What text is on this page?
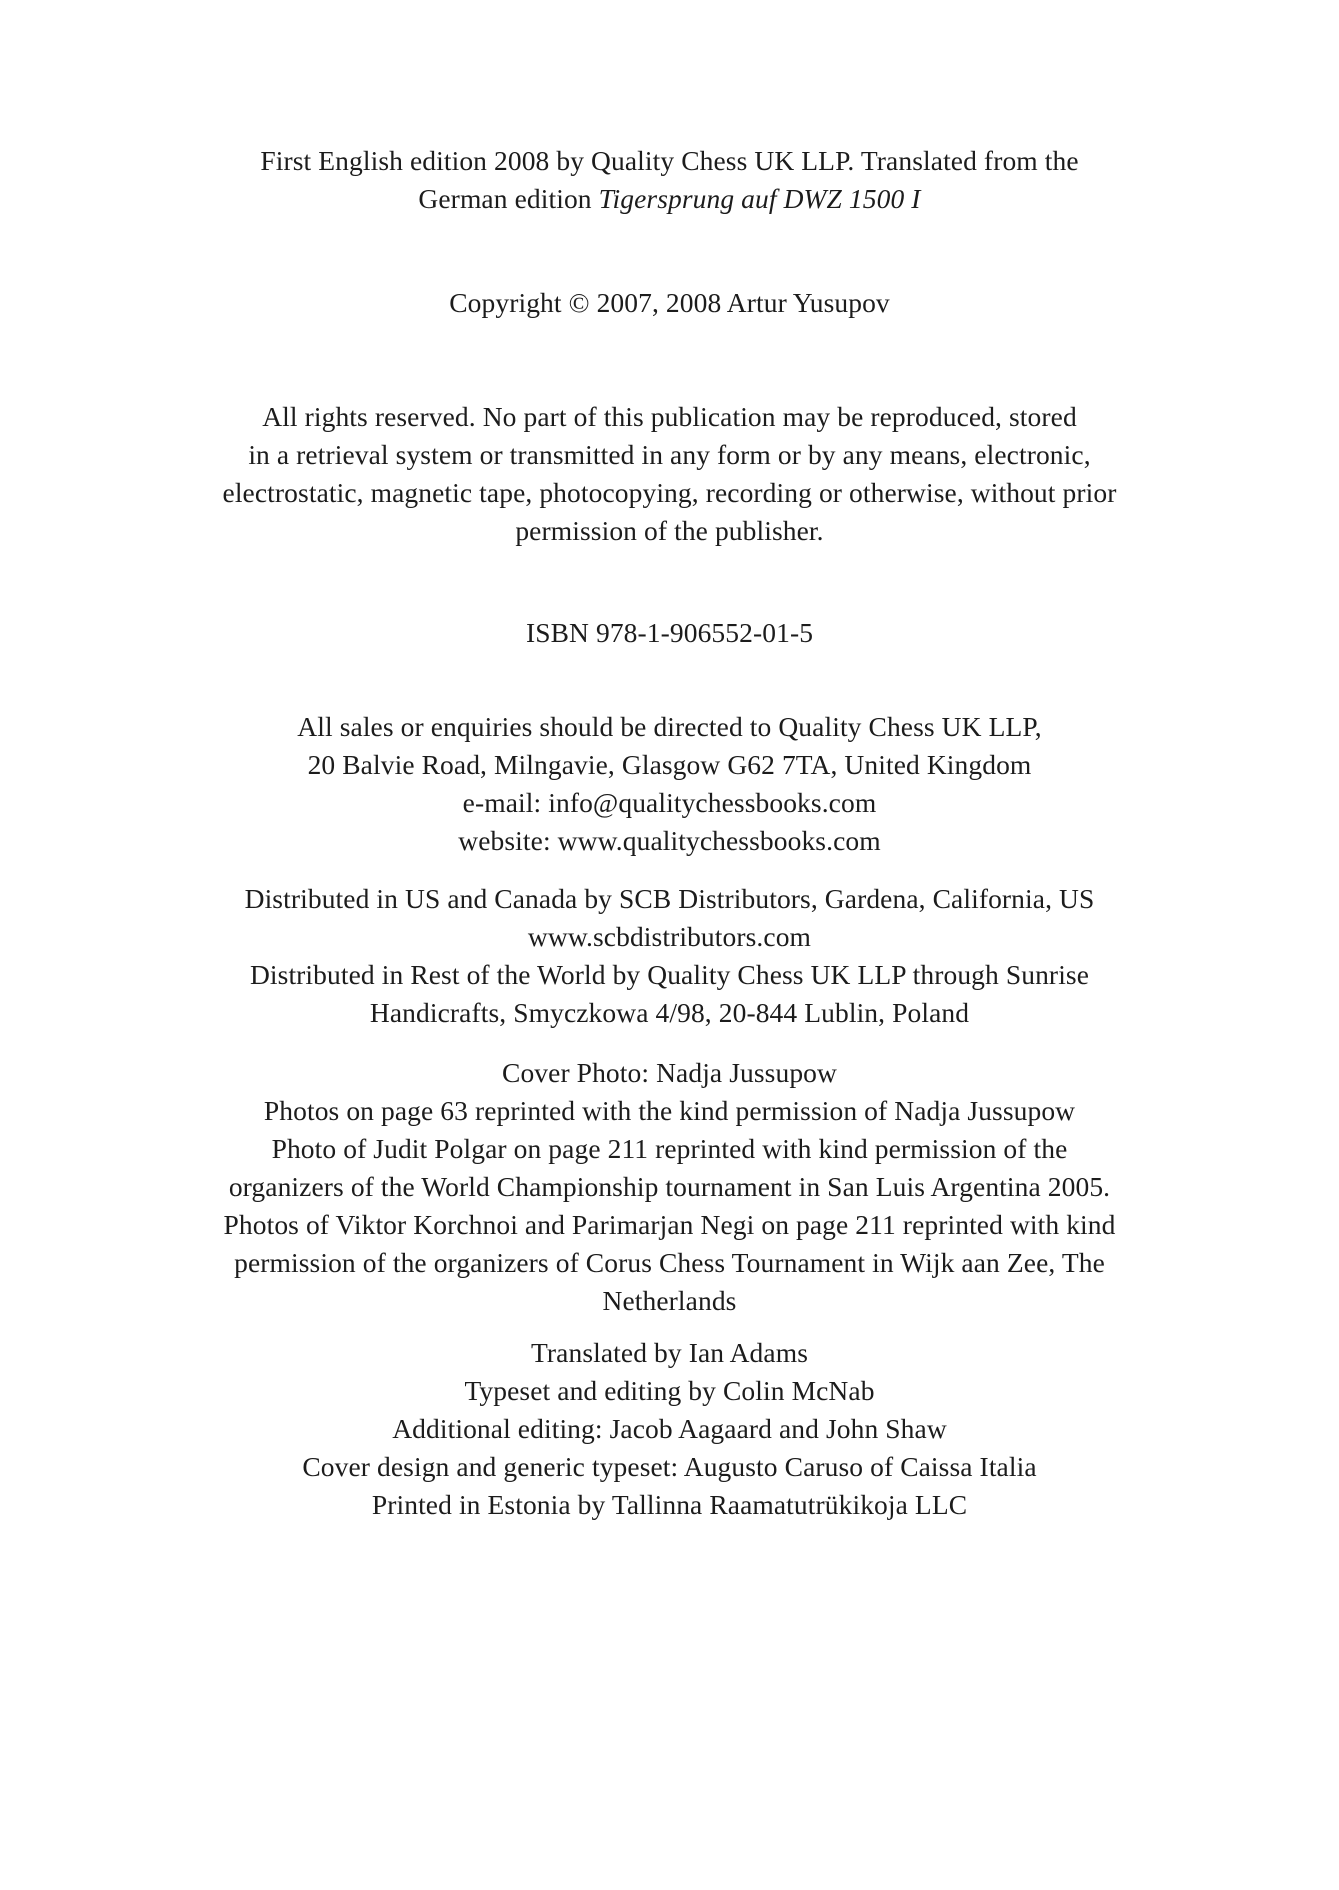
First English edition 2008 by Quality Chess UK LLP. Translated from the

German edition Tigersprung auf DWZ 1500 I

Copyright © 2007, 2008 Artur Yusupov

All rights reserved. No part of this publication may be reproduced, stored

in a retrieval system or transmitted in any form or by any means, electronic,

electrostatic, magnetic tape, photocopying, recording or otherwise, without prior

permission of the publisher.

ISBN 978-1-906552-01-5

All sales or enquiries should be directed to Quality Chess UK LLP,

20 Balvie Road, Milngavie, Glasgow G62 7TA, United Kingdom

e-mail: info@qualitychessbooks.com

website: www.qualitychessbooks.com

Distributed in US and Canada by SCB Distributors, Gardena, California, US

www.scbdistributors.com

Distributed in Rest of the World by Quality Chess UK LLP through Sunrise

Handicrafts, Smyczkowa 4/98, 20-844 Lublin, Poland

Cover Photo: Nadja Jussupow

Photos on page 63 reprinted with the kind permission of Nadja Jussupow

Photo of Judit Polgar on page 211 reprinted with kind permission of the

organizers of the World Championship tournament in San Luis Argentina 2005.

Photos of Viktor Korchnoi and Parimarjan Negi on page 211 reprinted with kind

permission of the organizers of Corus Chess Tournament in Wijk aan Zee, The

Netherlands

Translated by Ian Adams

Typeset and editing by Colin McNab

Additional editing: Jacob Aagaard and John Shaw

Cover design and generic typeset: Augusto Caruso of Caissa Italia

Printed in Estonia by Tallinna Raamatutrükikoja LLC
